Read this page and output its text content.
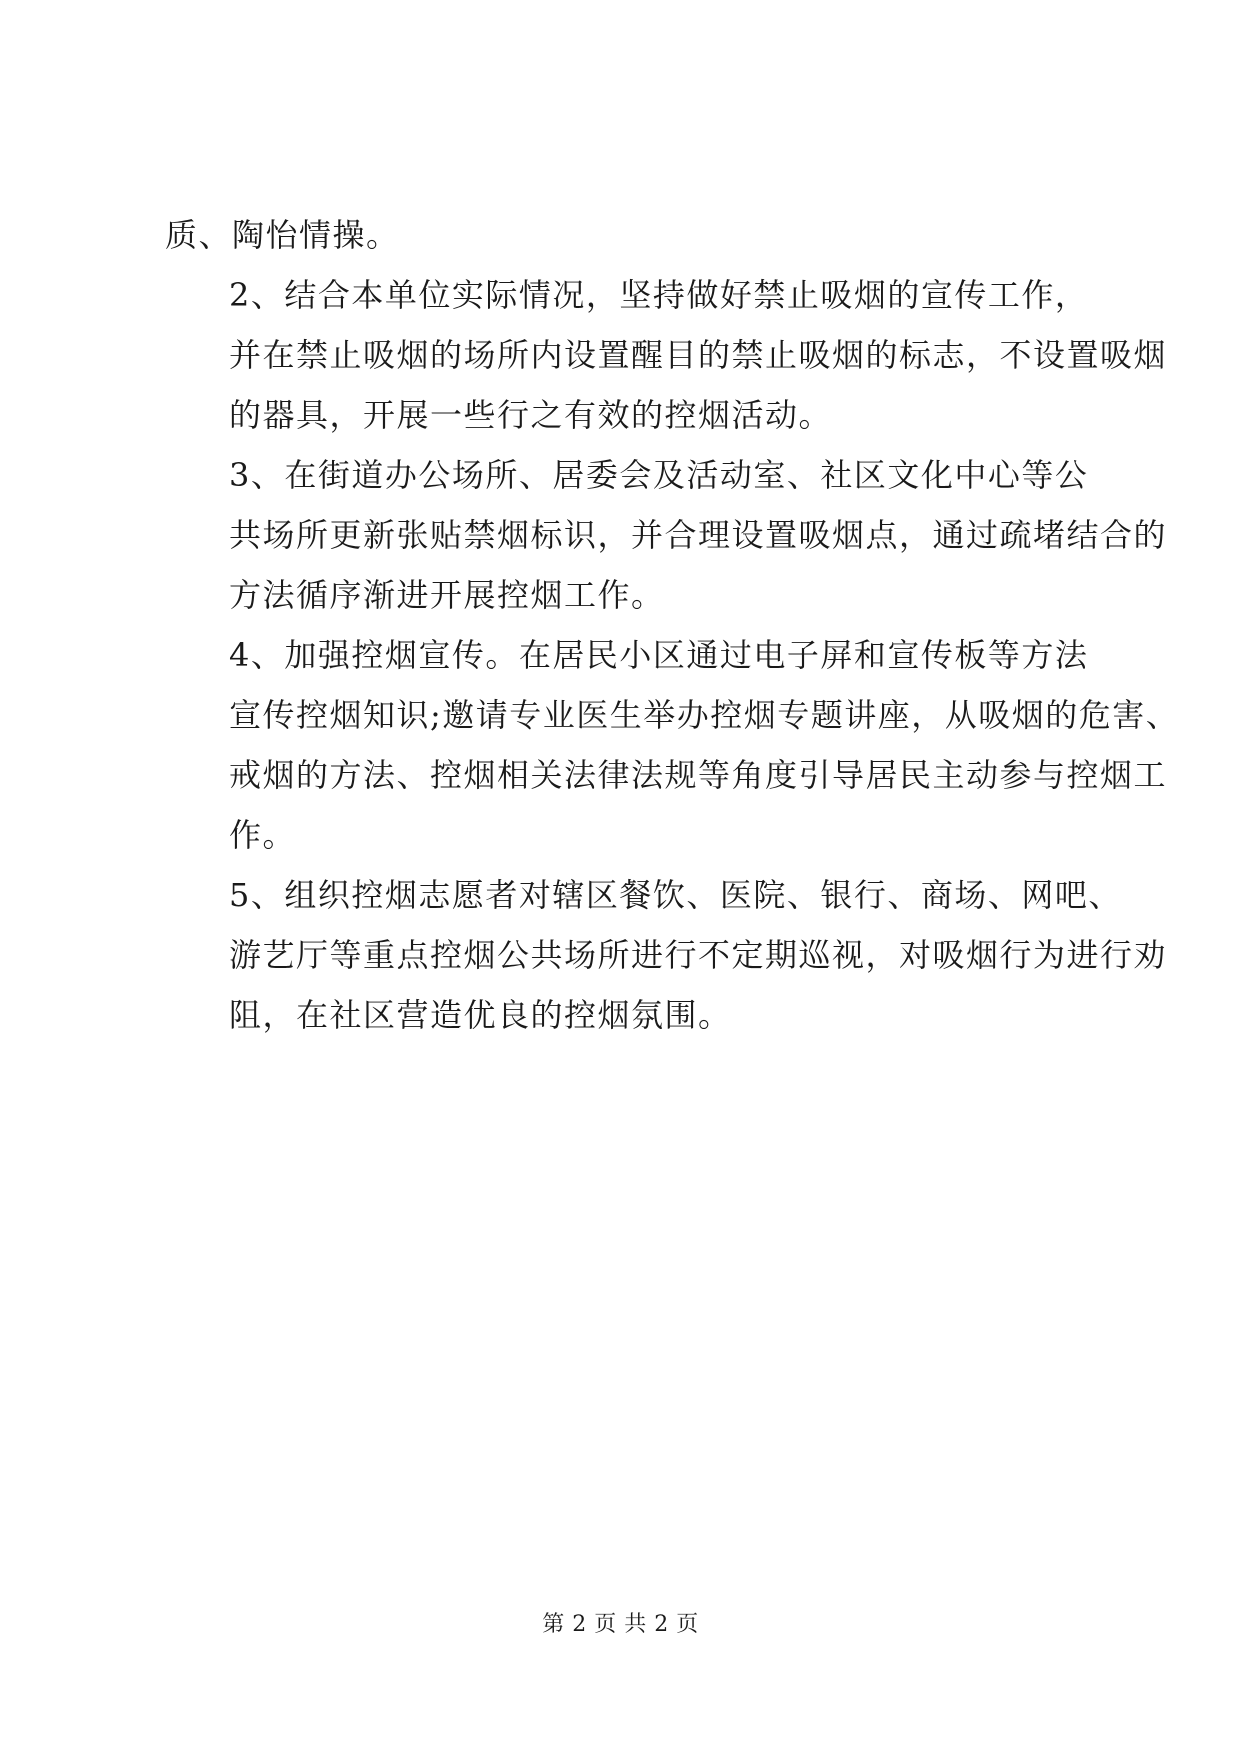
质、陶怡情操。

2、结合本单位实际情况，坚持做好禁止吸烟的宣传工作，
并在禁止吸烟的场所内设置醒目的禁止吸烟的标志，不设置吸烟
的器具，开展一些行之有效的控烟活动。

3、在街道办公场所、居委会及活动室、社区文化中心等公
共场所更新张贴禁烟标识，并合理设置吸烟点，通过疏堵结合的
方法循序渐进开展控烟工作。

4、加强控烟宣传。在居民小区通过电子屏和宣传板等方法
宣传控烟知识;邀请专业医生举办控烟专题讲座，从吸烟的危害、
戒烟的方法、控烟相关法律法规等角度引导居民主动参与控烟工
作。

5、组织控烟志愿者对辖区餐饮、医院、银行、商场、网吧、
游艺厅等重点控烟公共场所进行不定期巡视，对吸烟行为进行劝
阻，在社区营造优良的控烟氛围。

第 2 页 共 2 页
